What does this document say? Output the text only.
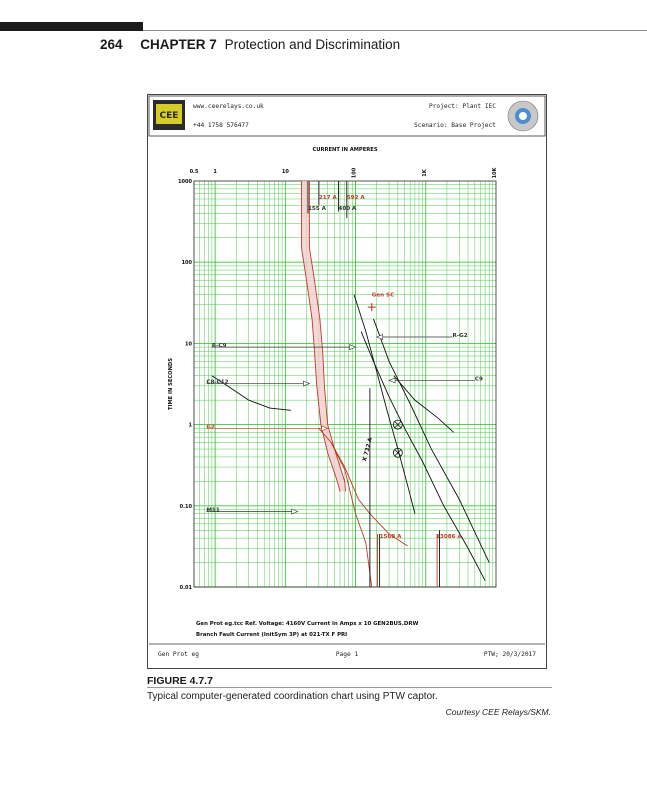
264 CHAPTER 7 Protection and Discrimination
CEE
www.ceerelays.co.uk
+44 1758 576477
Project: Plant IEC
Scenario: Base Project
CURRENT IN AMPERES
TIME IN SECONDS
0.5	1	10	100	1K	10K
1000
100
10
1
0.10
0.01
217 A 592 A
155 A 400 A
Gen SC
R-G2
R-C9
C9
C8-C12
G2
M11
1568 A	13086 A
X 732 A
Gen Prot eg.tcc Ref. Voltage: 4160V Current in Amps x 10 GEN2BUS.DRW
Branch Fault Current (InitSym 3P) at 021-TX F PRI
Gen Prot eg	Page 1	PTW; 20/3/2017
FIGURE 4.7.7
Typical computer-generated coordination chart using PTW captor.
Courtesy CEE Relays/SKM.
